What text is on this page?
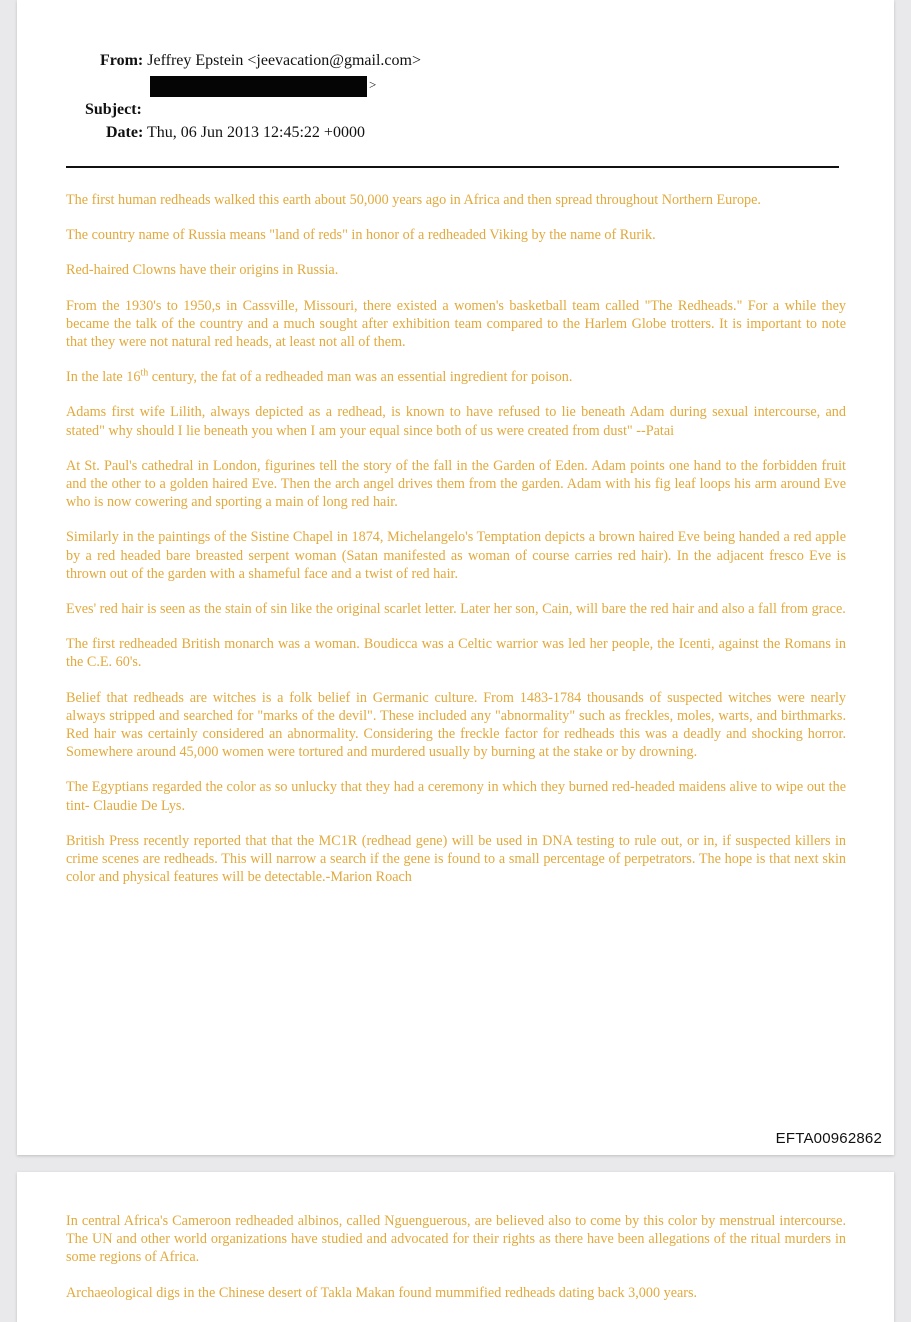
From: Jeffrey Epstein <jeevacation@gmail.com>
>
Subject:
Date: Thu, 06 Jun 2013 12:45:22 +0000

The first human redheads walked this earth about 50,000 years ago in Africa and then spread throughout Northern Europe.

The country name of Russia means "land of reds" in honor of a redheaded Viking by the name of Rurik.

Red-haired Clowns have their origins in Russia.

From the 1930's to 1950,s in Cassville, Missouri, there existed a women's basketball team called "The Redheads." For a while they became the talk of the country and a much sought after exhibition team compared to the Harlem Globe trotters. It is important to note that they were not natural red heads, at least not all of them.

In the late 16th century, the fat of a redheaded man was an essential ingredient for poison.

Adams first wife Lilith, always depicted as a redhead, is known to have refused to lie beneath Adam during sexual intercourse, and stated" why should I lie beneath you when I am your equal since both of us were created from dust" --Patai

At St. Paul's cathedral in London, figurines tell the story of the fall in the Garden of Eden. Adam points one hand to the forbidden fruit and the other to a golden haired Eve. Then the arch angel drives them from the garden. Adam with his fig leaf loops his arm around Eve who is now cowering and sporting a main of long red hair.

Similarly in the paintings of the Sistine Chapel in 1874, Michelangelo's Temptation depicts a brown haired Eve being handed a red apple by a red headed bare breasted serpent woman (Satan manifested as woman of course carries red hair). In the adjacent fresco Eve is thrown out of the garden with a shameful face and a twist of red hair.

Eves' red hair is seen as the stain of sin like the original scarlet letter. Later her son, Cain, will bare the red hair and also a fall from grace.

The first redheaded British monarch was a woman. Boudicca was a Celtic warrior was led her people, the Icenti, against the Romans in the C.E. 60's.

Belief that redheads are witches is a folk belief in Germanic culture. From 1483-1784 thousands of suspected witches were nearly always stripped and searched for "marks of the devil". These included any "abnormality" such as freckles, moles, warts, and birthmarks. Red hair was certainly considered an abnormality. Considering the freckle factor for redheads this was a deadly and shocking horror. Somewhere around 45,000 women were tortured and murdered usually by burning at the stake or by drowning.

The Egyptians regarded the color as so unlucky that they had a ceremony in which they burned red-headed maidens alive to wipe out the tint- Claudie De Lys.

British Press recently reported that that the MC1R (redhead gene) will be used in DNA testing to rule out, or in, if suspected killers in crime scenes are redheads. This will narrow a search if the gene is found to a small percentage of perpetrators. The hope is that next skin color and physical features will be detectable.-Marion Roach

EFTA00962862

In central Africa's Cameroon redheaded albinos, called Nguenguerous, are believed also to come by this color by menstrual intercourse. The UN and other world organizations have studied and advocated for their rights as there have been allegations of the ritual murders in some regions of Africa.

Archaeological digs in the Chinese desert of Takla Makan found mummified redheads dating back 3,000 years.
